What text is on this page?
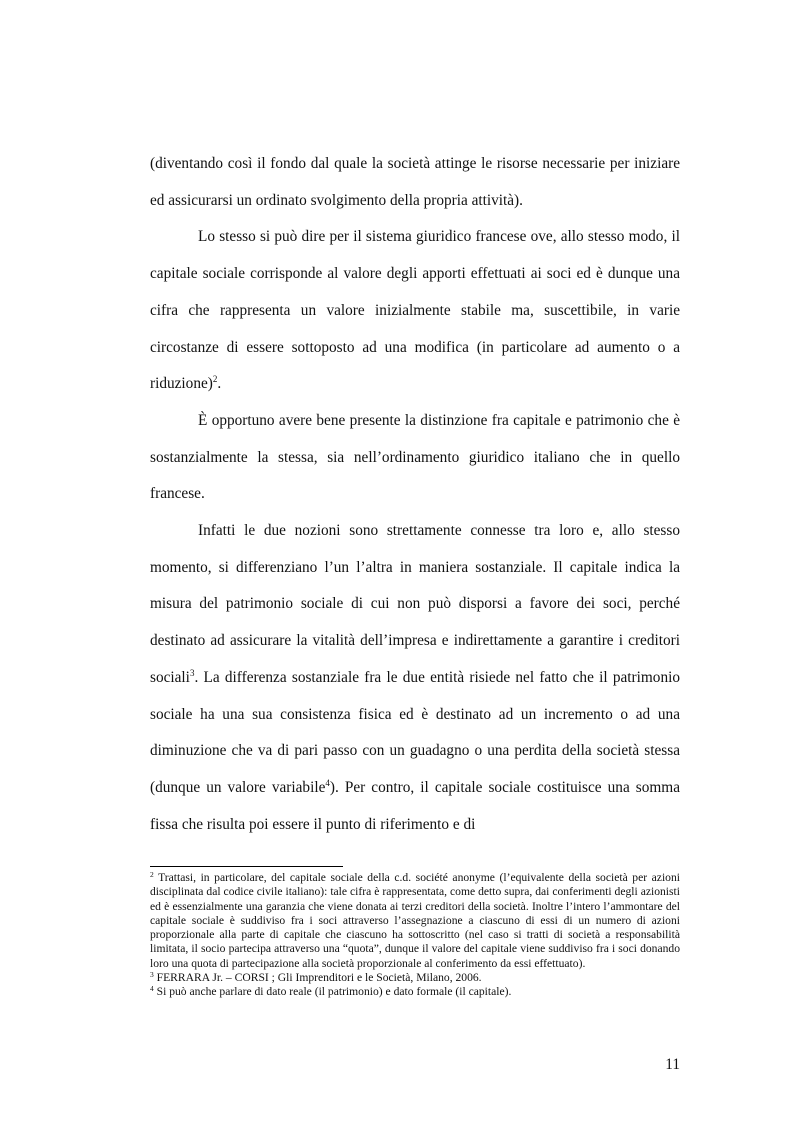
(diventando così il fondo dal quale la società attinge le risorse necessarie per iniziare ed assicurarsi un ordinato svolgimento della propria attività).

Lo stesso si può dire per il sistema giuridico francese ove, allo stesso modo, il capitale sociale corrisponde al valore degli apporti effettuati ai soci ed è dunque una cifra che rappresenta un valore inizialmente stabile ma, suscettibile, in varie circostanze di essere sottoposto ad una modifica (in particolare ad aumento o a riduzione)$^2$.

È opportuno avere bene presente la distinzione fra capitale e patrimonio che è sostanzialmente la stessa, sia nell’ordinamento giuridico italiano che in quello francese.

Infatti le due nozioni sono strettamente connesse tra loro e, allo stesso momento, si differenziano l’un l’altra in maniera sostanziale. Il capitale indica la misura del patrimonio sociale di cui non può disporsi a favore dei soci, perché destinato ad assicurare la vitalità dell’impresa e indirettamente a garantire i creditori sociali$^3$. La differenza sostanziale fra le due entità risiede nel fatto che il patrimonio sociale ha una sua consistenza fisica ed è destinato ad un incremento o ad una diminuzione che va di pari passo con un guadagno o una perdita della società stessa (dunque un valore variabile$^4$). Per contro, il capitale sociale costituisce una somma fissa che risulta poi essere il punto di riferimento e di

$^2$ Trattasi, in particolare, del capitale sociale della c.d. société anonyme (l’equivalente della società per azioni disciplinata dal codice civile italiano): tale cifra è rappresentata, come detto supra, dai conferimenti degli azionisti ed è essenzialmente una garanzia che viene donata ai terzi creditori della società. Inoltre l’intero l’ammontare del capitale sociale è suddiviso fra i soci attraverso l’assegnazione a ciascuno di essi di un numero di azioni proporzionale alla parte di capitale che ciascuno ha sottoscritto (nel caso si tratti di società a responsabilità limitata, il socio partecipa attraverso una “quota”, dunque il valore del capitale viene suddiviso fra i soci donando loro una quota di partecipazione alla società proporzionale al conferimento da essi effettuato).

$^3$ FERRARA Jr. – CORSI ; Gli Imprenditori e le Società, Milano, 2006.

$^4$ Si può anche parlare di dato reale (il patrimonio) e dato formale (il capitale).

11
